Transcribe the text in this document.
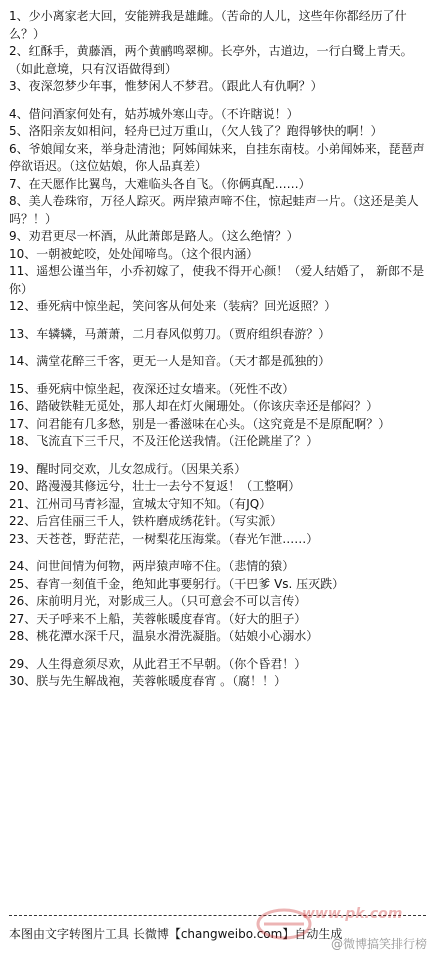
1、少小离家老大回，安能辨我是雄雌。（苦命的人儿，这些年你都经历了什么？）

2、红酥手，黄藤酒，两个黄鹂鸣翠柳。长亭外，古道边，一行白鹭上青天。（如此意境，只有汉语做得到）

3、夜深忽梦少年事，惟梦闲人不梦君。（跟此人有仇啊？）

4、借问酒家何处有，姑苏城外寒山寺。（不许瞎说！）

5、洛阳亲友如相问，轻舟已过万重山，（欠人钱了？跑得够快的啊！）

6、爷娘闻女来，举身赴清池；阿姊闻妹来，自挂东南枝。小弟闻姊来，琵琶声停欲语迟。（这位姑娘，你人品真差）

7、在天愿作比翼鸟，大难临头各自飞。（你俩真配……）

8、美人卷珠帘，万径人踪灭。两岸猿声啼不住，惊起蛙声一片。（这还是美人吗？！）

9、劝君更尽一杯酒，从此萧郎是路人。（这么绝情？）

10、一朝被蛇咬，处处闻啼鸟。（这个很内涵）

11、遥想公谨当年，小乔初嫁了，使我不得开心颜！（爱人结婚了， 新郎不是你）

12、垂死病中惊坐起，笑问客从何处来（装病？回光返照？）

13、车辚辚，马萧萧，二月春风似剪刀。（贾府组织春游？）

14、满堂花醉三千客，更无一人是知音。（天才都是孤独的）

15、垂死病中惊坐起，夜深还过女墙来。（死性不改）

16、踏破铁鞋无觅处，那人却在灯火阑珊处。（你该庆幸还是郁闷？）

17、问君能有几多愁，别是一番滋味在心头。（这究竟是不是原配啊？）

18、飞流直下三千尺，不及汪伦送我情。（汪伦跳崖了？）

19、醒时同交欢，儿女忽成行。（因果关系）

20、路漫漫其修远兮，壮士一去兮不复返！（工整啊）

21、江州司马青衫湿，宣城太守知不知。（有JQ）

22、后宫佳丽三千人，铁杵磨成绣花针。（写实派）

23、天苍苍，野茫茫，一树梨花压海棠。（春光乍泄……）

24、问世间情为何物，两岸猿声啼不住。（悲情的猿）

25、春宵一刻值千金，绝知此事要躬行。（干巴爹 Vs. 压灭跌）

26、床前明月光，对影成三人。（只可意会不可以言传）

27、天子呼来不上船，芙蓉帐暖度春宵。（好大的胆子）

28、桃花潭水深千尺，温泉水滑洗凝脂。（姑娘小心溺水）

29、人生得意须尽欢，从此君王不早朝。（你个昏君！）

30、朕与先生解战袍，芙蓉帐暖度春宵 。（腐！！）

本图由文字转图片工具 长微博【changweibo.com】自动生成
www.pk.com
@微博搞笑排行榜
